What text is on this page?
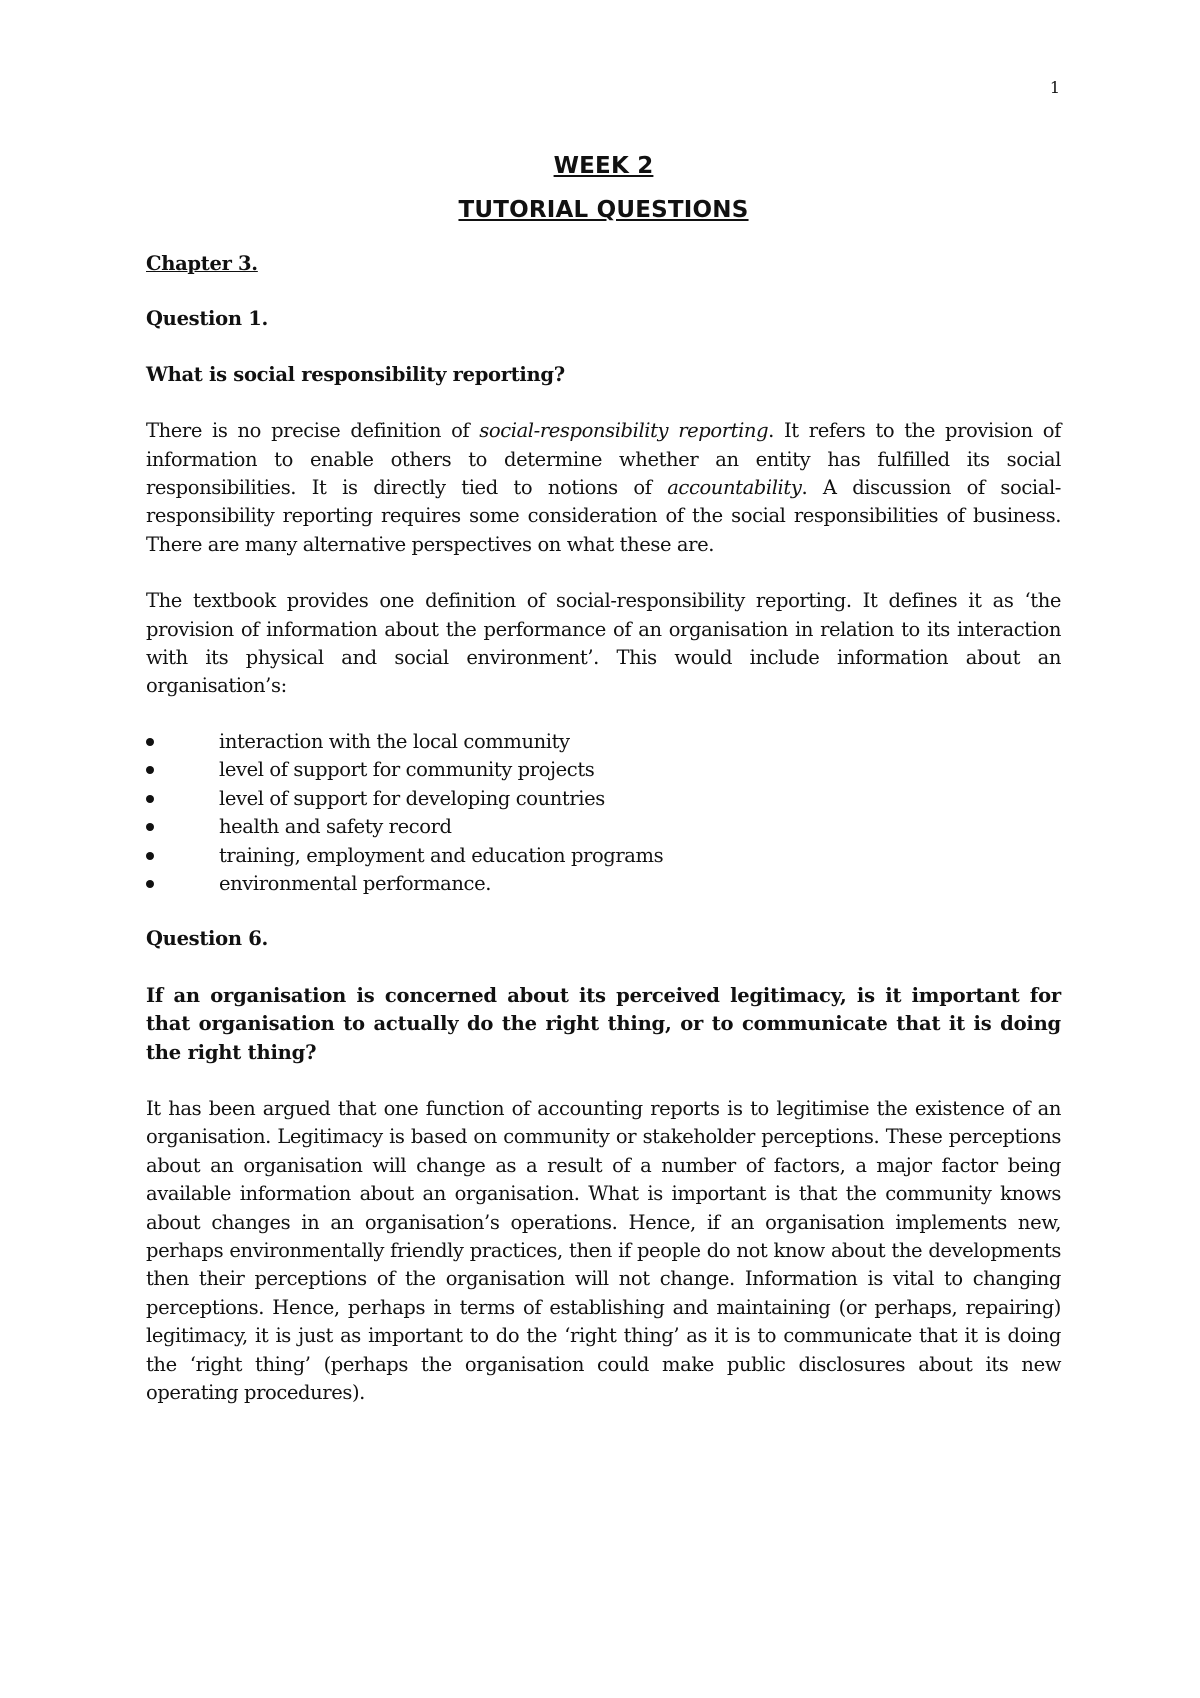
1
WEEK 2
TUTORIAL QUESTIONS
Chapter 3.
Question 1.
What is social responsibility reporting?

There is no precise definition of social-responsibility reporting. It refers to the provision of information to enable others to determine whether an entity has fulfilled its social responsibilities. It is directly tied to notions of accountability. A discussion of social-responsibility reporting requires some consideration of the social responsibilities of business. There are many alternative perspectives on what these are.

The textbook provides one definition of social-responsibility reporting. It defines it as ‘the provision of information about the performance of an organisation in relation to its interaction with its physical and social environment’. This would include information about an organisation’s:

interaction with the local community
level of support for community projects
level of support for developing countries
health and safety record
training, employment and education programs
environmental performance.
Question 6.
If an organisation is concerned about its perceived legitimacy, is it important for that organisation to actually do the right thing, or to communicate that it is doing the right thing?

It has been argued that one function of accounting reports is to legitimise the existence of an organisation. Legitimacy is based on community or stakeholder perceptions. These perceptions about an organisation will change as a result of a number of factors, a major factor being available information about an organisation. What is important is that the community knows about changes in an organisation’s operations. Hence, if an organisation implements new, perhaps environmentally friendly practices, then if people do not know about the developments then their perceptions of the organisation will not change. Information is vital to changing perceptions. Hence, perhaps in terms of establishing and maintaining (or perhaps, repairing) legitimacy, it is just as important to do the ‘right thing’ as it is to communicate that it is doing the ‘right thing’ (perhaps the organisation could make public disclosures about its new operating procedures).
